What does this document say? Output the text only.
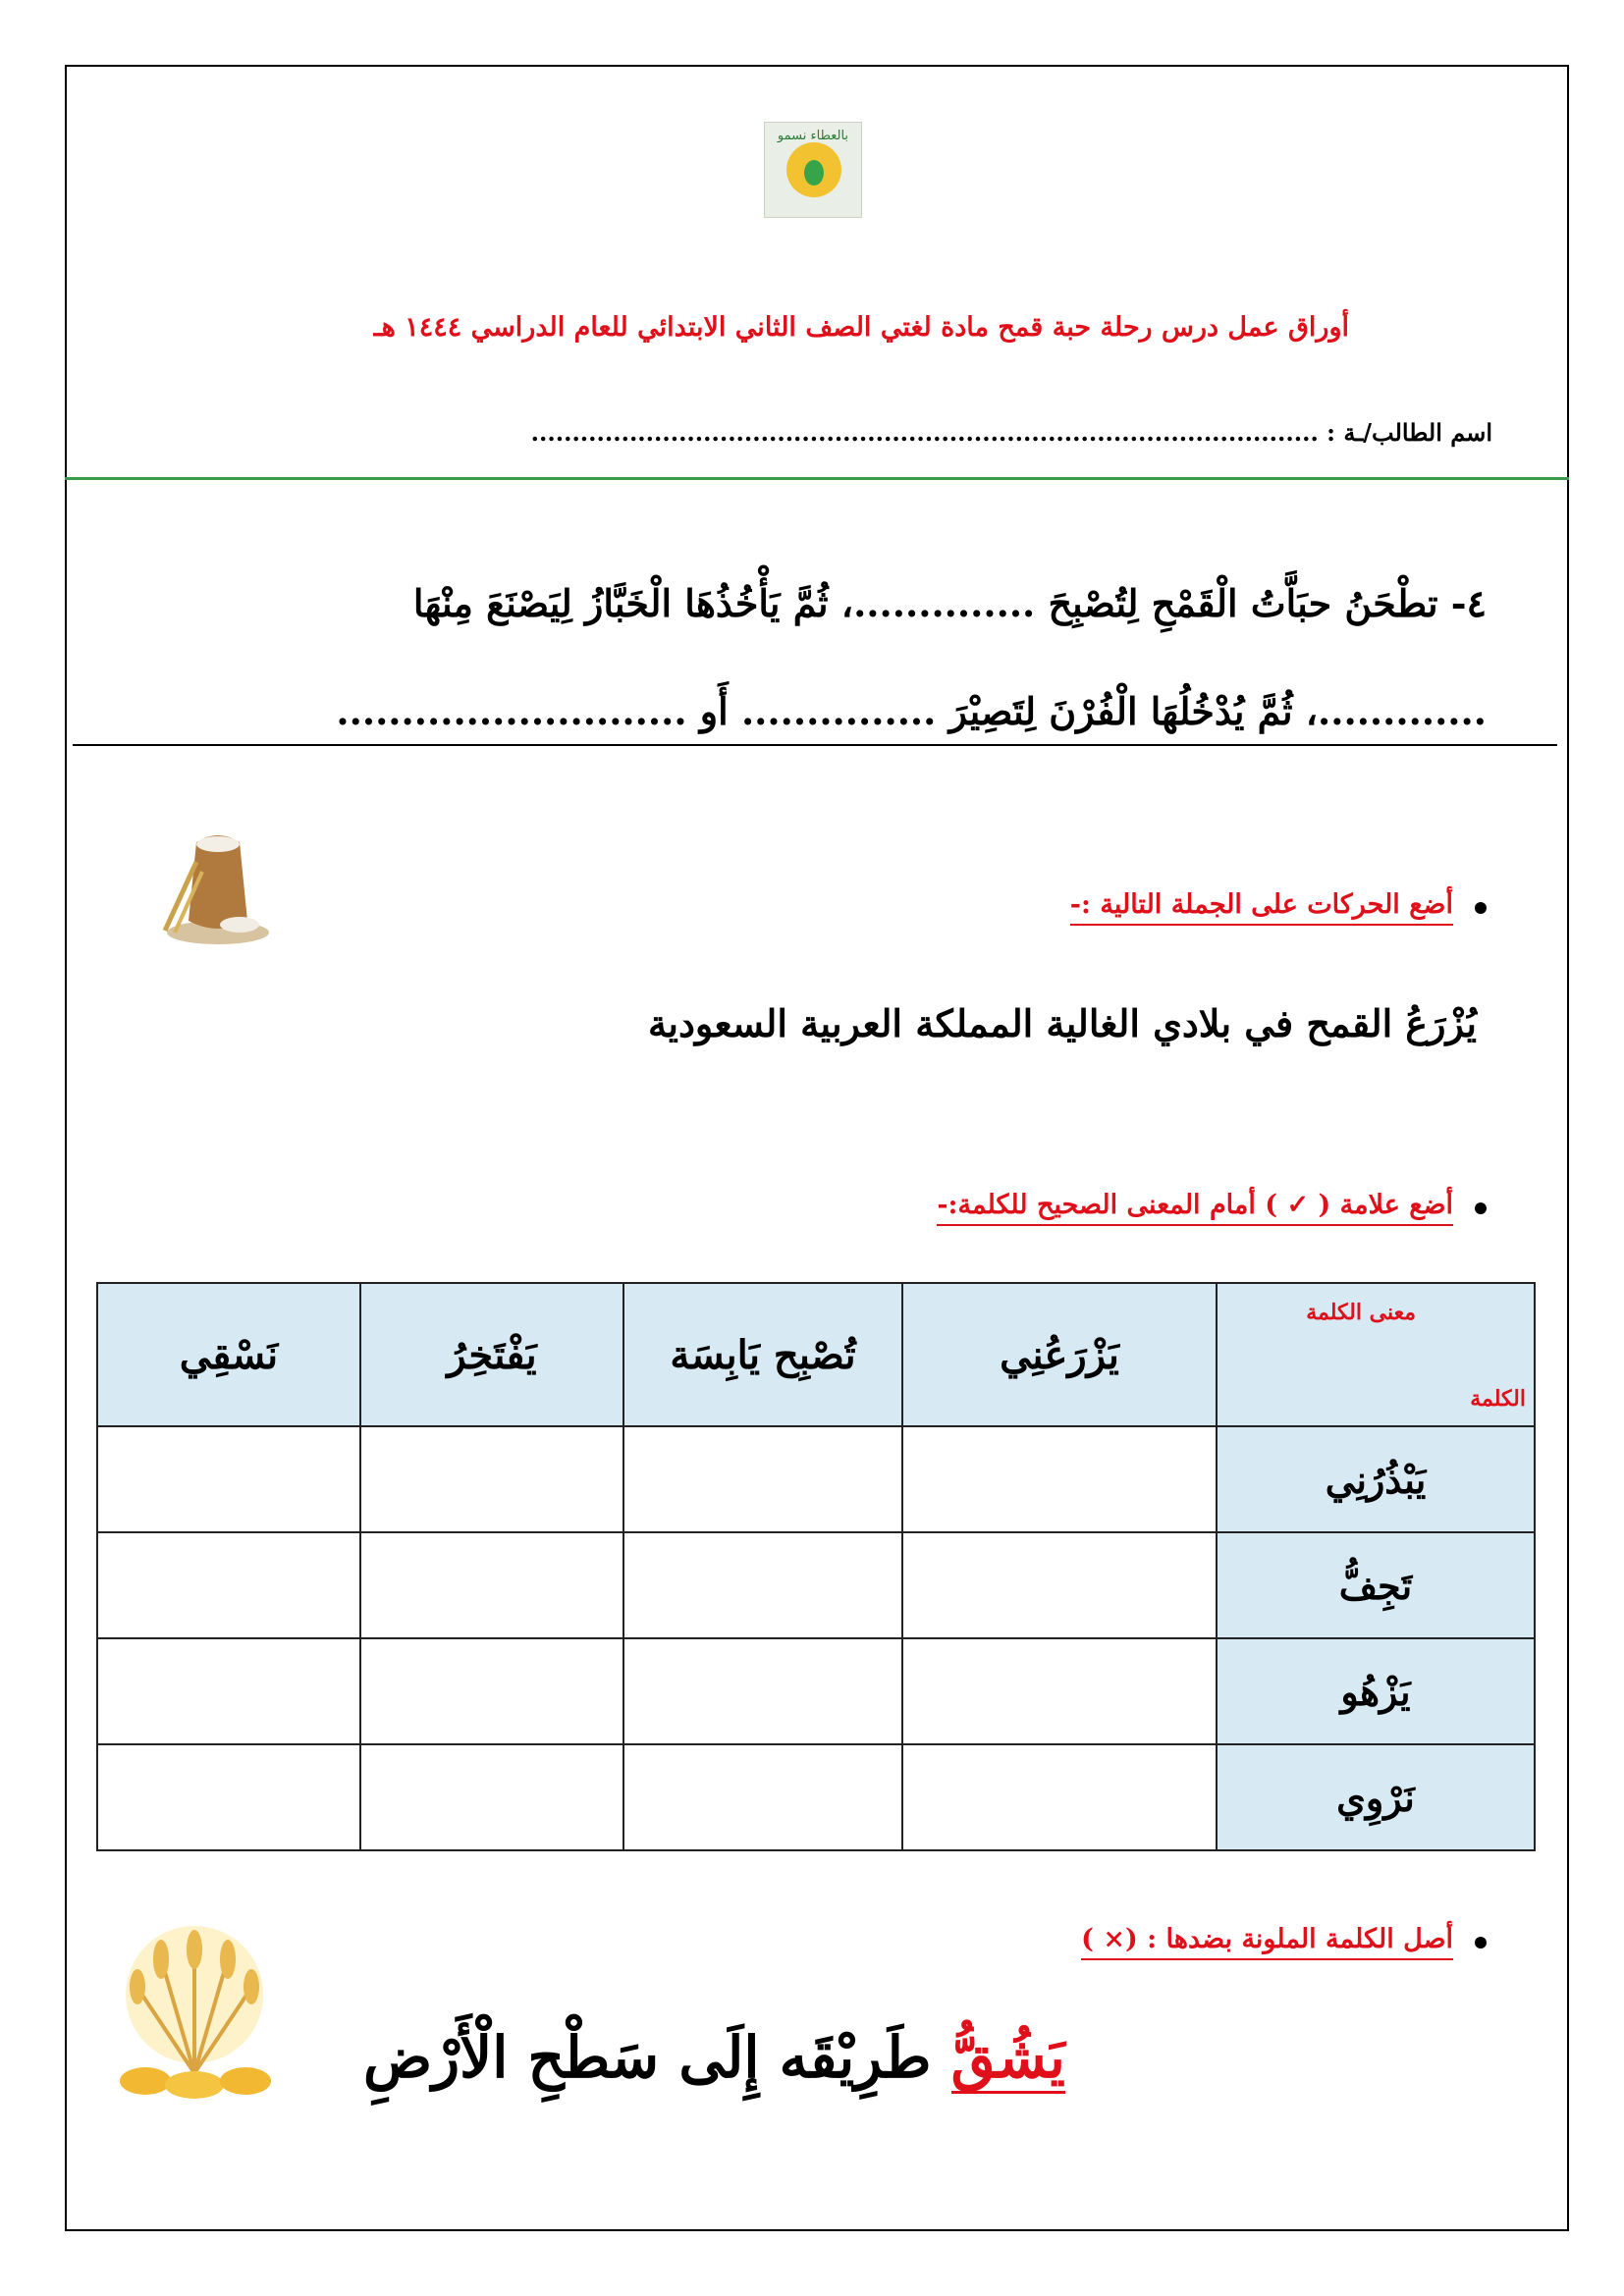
بالعطاء نسمو
أوراق عمل درس رحلة حبة قمح مادة لغتي الصف الثاني الابتدائي للعام الدراسي ١٤٤٤ هـ
اسم الطالب/ـة : ................................................................................................
٤- تطْحَنُ حبَاَّتُ الْقَمْحِ لِتُصْبِحَ ..............، ثُمَّ يَأْخُذُهَا الْخَبَّازُ لِيَصْنَعَ مِنْهَا
.............، ثُمَّ يُدْخُلُهَا الْفُرْنَ لِتَصِيْرَ ............... أَو ...........................
أضع الحركات على الجملة التالية :-
يُزْرَعُ القمح في بلادي الغالية المملكة العربية السعودية
أضع علامة ( ✓ ) أمام المعنى الصحيح للكلمة:-
نَسْقِي	يَفْتَخِرُ	تُصْبِح يَابِسَة	يَزْرَعُنِي	معنى الكلمة
الكلمة

				يَبْذُرُنِي
				تَجِفُّ
				يَزْهُو
				نَرْوِي
أصل الكلمة الملونة بضدها : (× )
يَشُقُّ طَرِيْقَه إِلَى سَطْحِ الْأَرْضِ
